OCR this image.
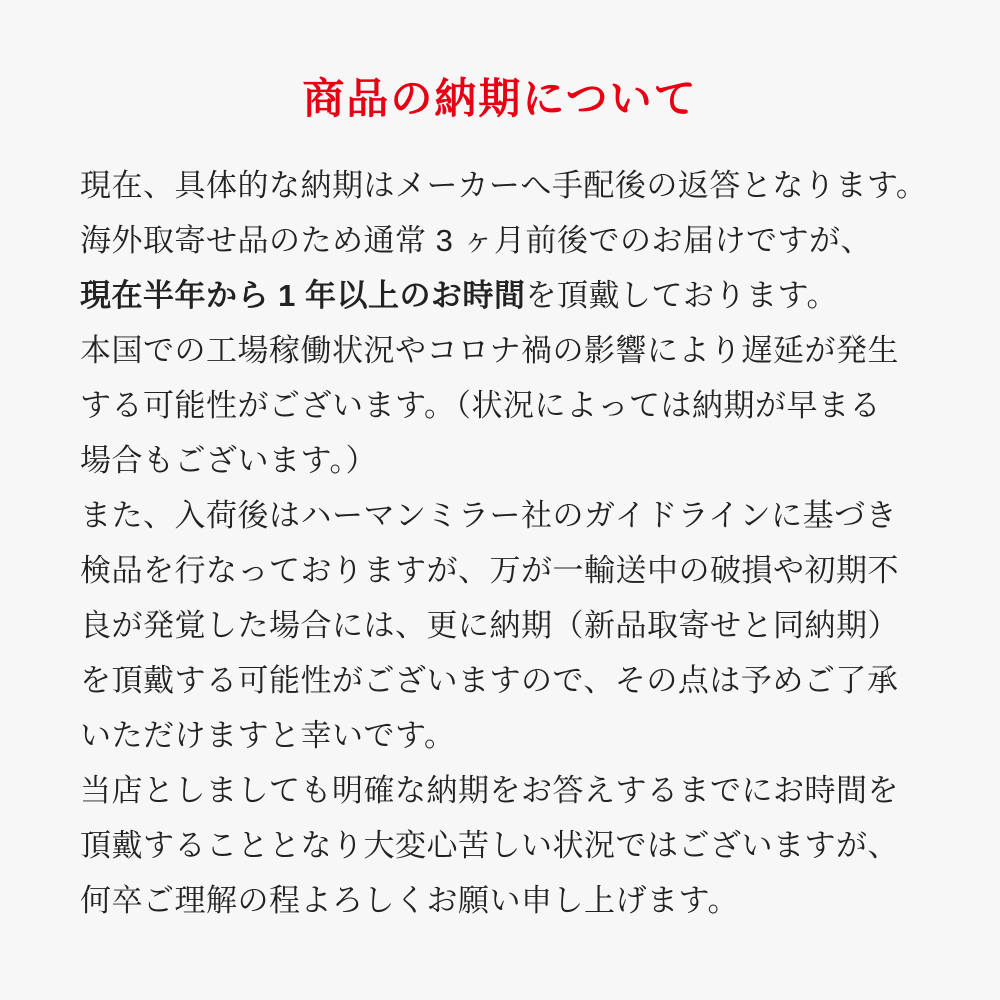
商品の納期について
現在、具体的な納期はメーカーへ手配後の返答となります。
海外取寄せ品のため通常 3 ヶ月前後でのお届けですが、
現在半年から 1 年以上のお時間を頂戴しております。
本国での工場稼働状況やコロナ禍の影響により遅延が発生
する可能性がございます。（状況によっては納期が早まる
場合もございます。）
また、入荷後はハーマンミラー社のガイドラインに基づき
検品を行なっておりますが、万が一輸送中の破損や初期不
良が発覚した場合には、更に納期（新品取寄せと同納期）
を頂戴する可能性がございますので、その点は予めご了承
いただけますと幸いです。
当店としましても明確な納期をお答えするまでにお時間を
頂戴することとなり大変心苦しい状況ではございますが、
何卒ご理解の程よろしくお願い申し上げます。
